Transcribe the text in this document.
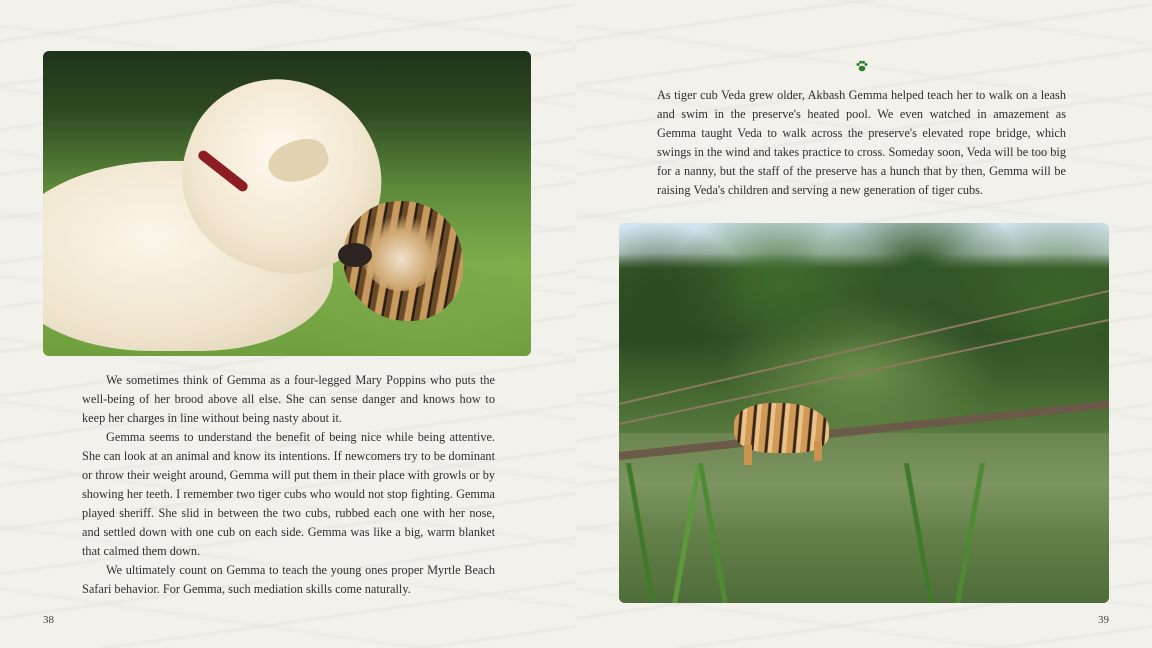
We sometimes think of Gemma as a four-legged Mary Poppins who puts the well-being of her brood above all else. She can sense danger and knows how to keep her charges in line without being nasty about it.

Gemma seems to understand the benefit of being nice while being attentive. She can look at an animal and know its intentions. If newcomers try to be dominant or throw their weight around, Gemma will put them in their place with growls or by showing her teeth. I remember two tiger cubs who would not stop fighting. Gemma played sheriff. She slid in between the two cubs, rubbed each one with her nose, and settled down with one cub on each side. Gemma was like a big, warm blanket that calmed them down.

We ultimately count on Gemma to teach the young ones proper Myrtle Beach Safari behavior. For Gemma, such mediation skills come naturally.

38

As tiger cub Veda grew older, Akbash Gemma helped teach her to walk on a leash and swim in the preserve's heated pool. We even watched in amazement as Gemma taught Veda to walk across the preserve's elevated rope bridge, which swings in the wind and takes practice to cross. Someday soon, Veda will be too big for a nanny, but the staff of the preserve has a hunch that by then, Gemma will be raising Veda's children and serving a new generation of tiger cubs.

39
